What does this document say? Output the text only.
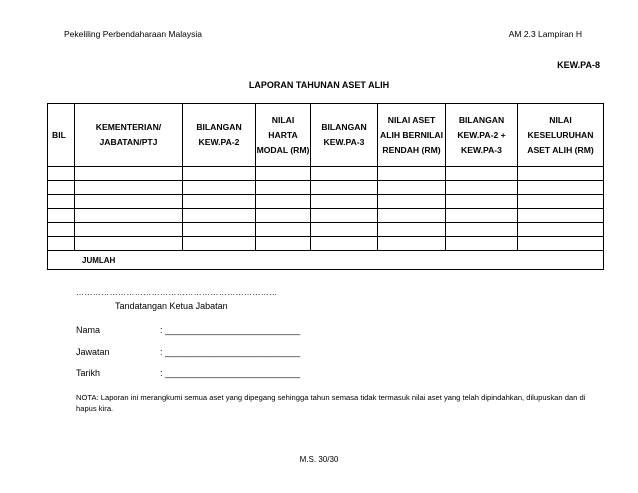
Pekeliling Perbendaharaan Malaysia	AM 2.3 Lampiran H
KEW.PA-8
LAPORAN TAHUNAN ASET ALIH
BIL	KEMENTERIAN/ JABATAN/PTJ	BILANGAN KEW.PA-2	NILAI HARTA MODAL (RM)	BILANGAN KEW.PA-3	NILAI ASET ALIH BERNILAI RENDAH (RM)	BILANGAN KEW.PA-2 + KEW.PA-3	NILAI KESELURUHAN ASET ALIH (RM)

JUMLAH							
………………………………………………………………
Tandatangan Ketua Jabatan
Nama	: ___________________________
Jawatan	: ___________________________
Tarikh	: ___________________________
NOTA: Laporan ini merangkumi semua aset yang dipegang sehingga tahun semasa tidak termasuk nilai aset yang telah dipindahkan, dilupuskan dan di hapus kira.
M.S. 30/30
